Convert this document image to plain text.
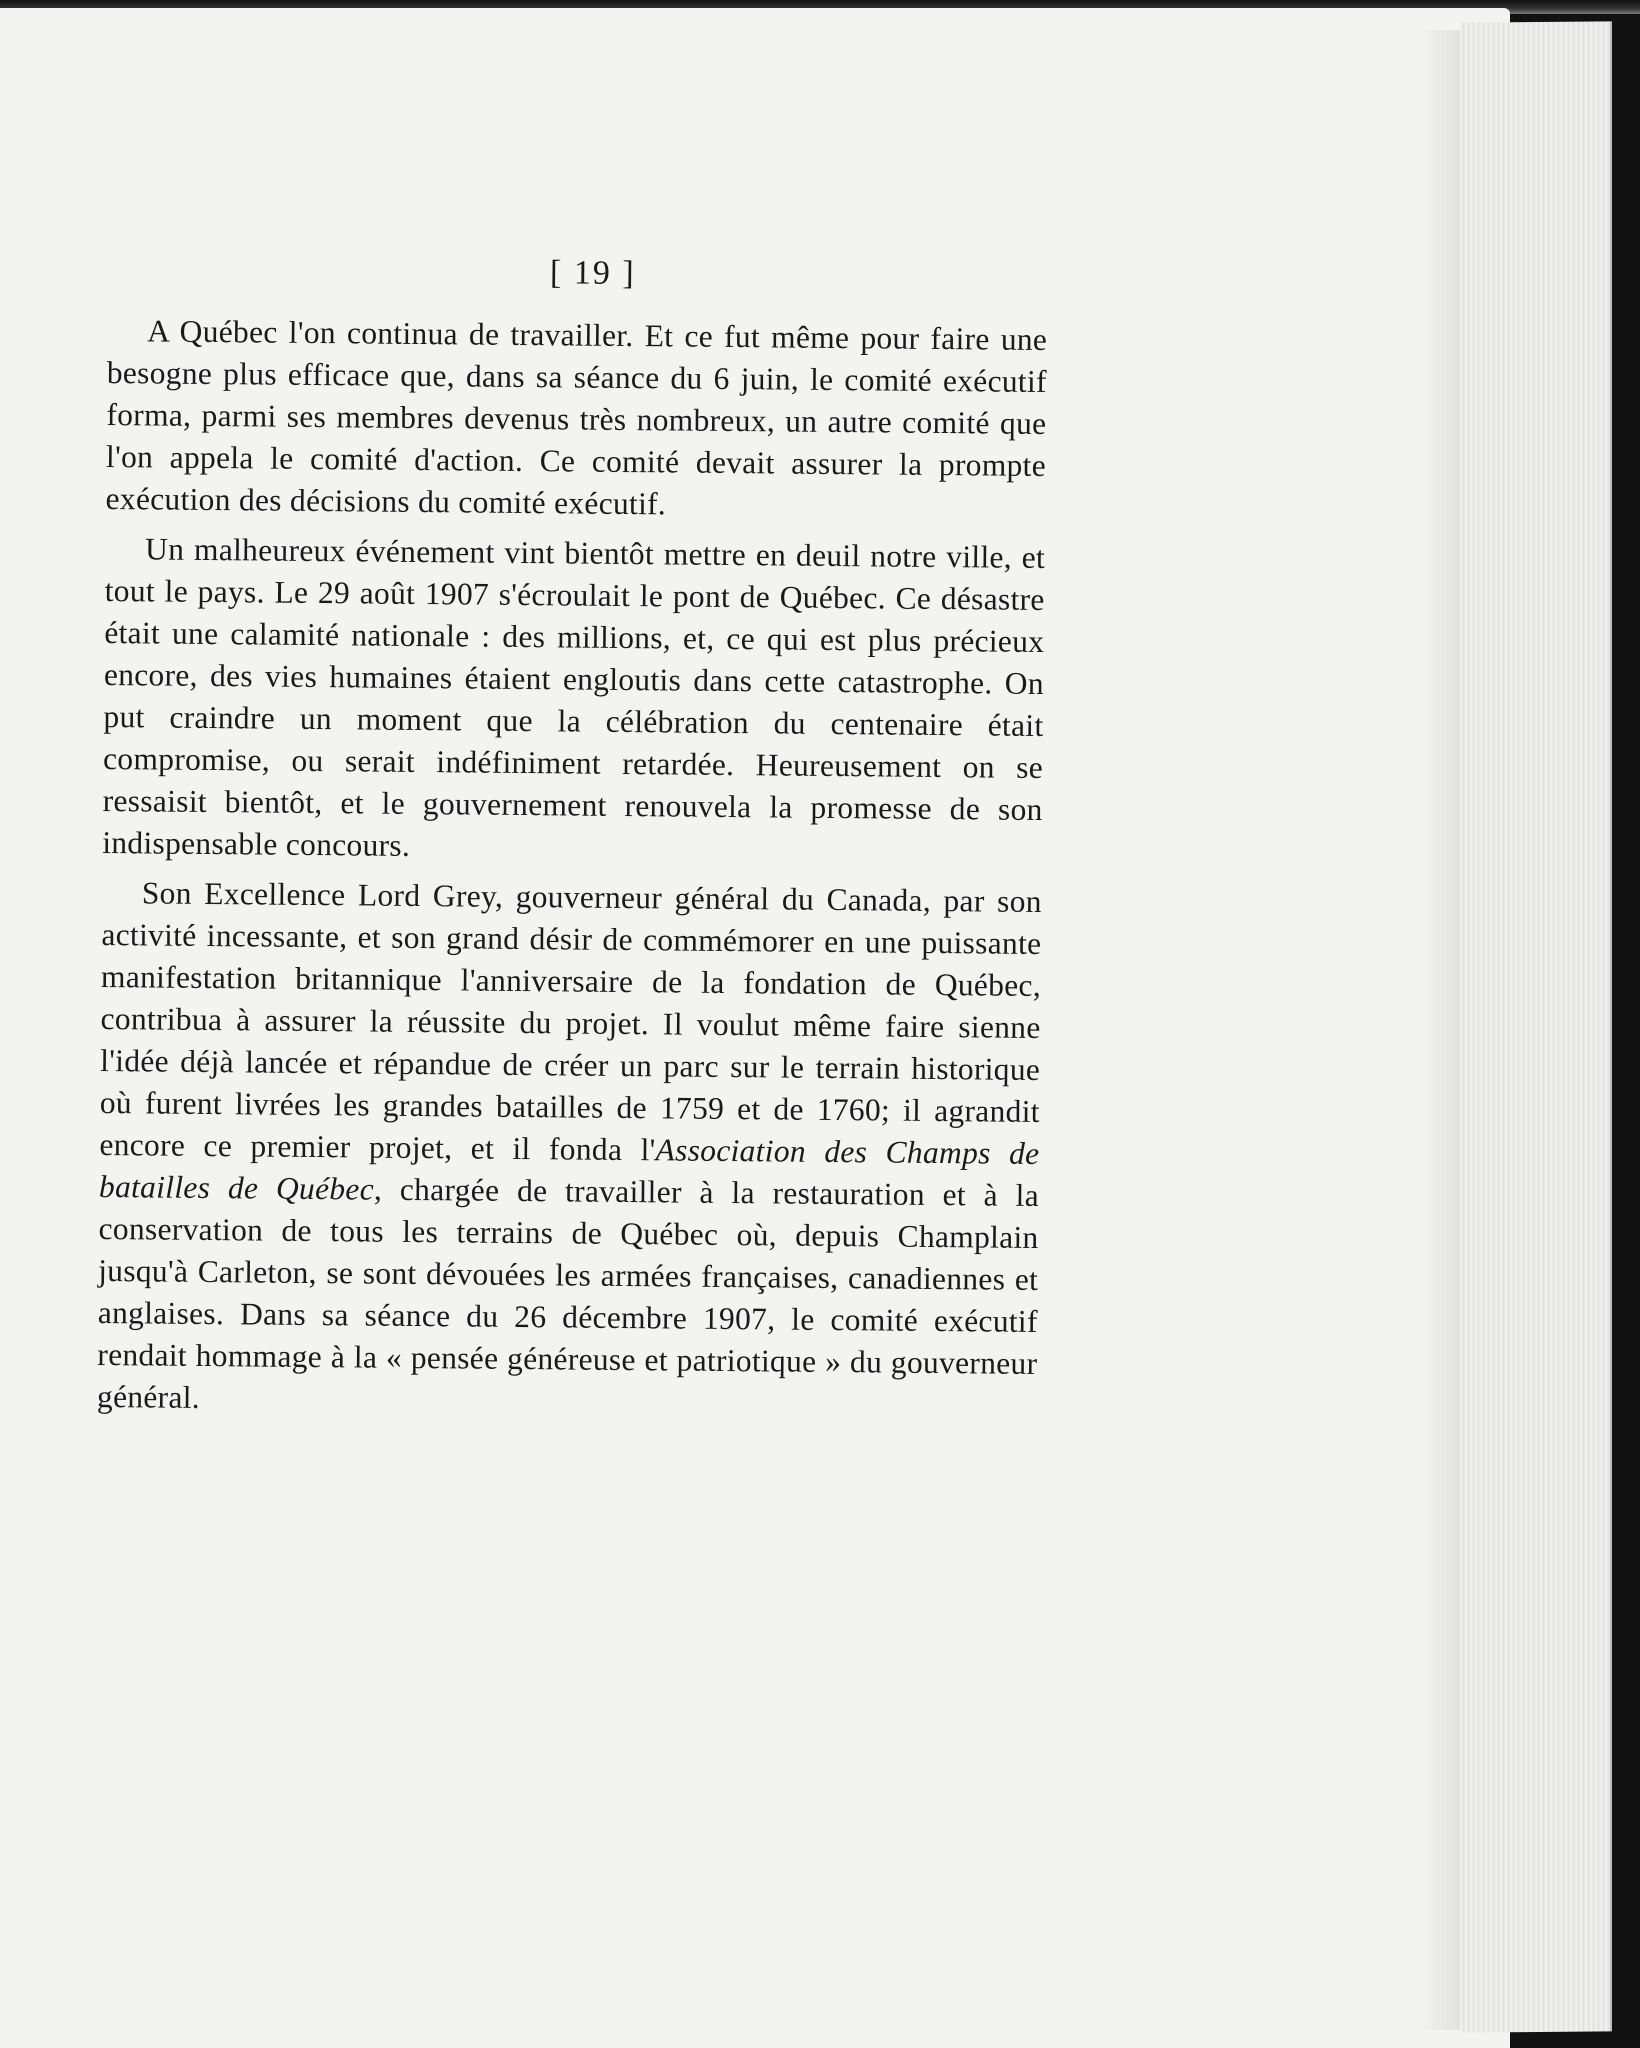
[ 19 ]

A Québec l'on continua de travailler. Et ce fut même pour faire une besogne plus efficace que, dans sa séance du 6 juin, le comité exécutif forma, parmi ses membres devenus très nombreux, un autre comité que l'on appela le comité d'action. Ce comité devait assurer la prompte exécution des décisions du comité exécutif.

Un malheureux événement vint bientôt mettre en deuil notre ville, et tout le pays. Le 29 août 1907 s'écroulait le pont de Québec. Ce désastre était une calamité nationale : des millions, et, ce qui est plus précieux encore, des vies humaines étaient engloutis dans cette catastrophe. On put craindre un moment que la célébration du centenaire était compromise, ou serait indéfiniment retardée. Heureusement on se ressaisit bientôt, et le gouvernement renouvela la promesse de son indispensable concours.

Son Excellence Lord Grey, gouverneur général du Canada, par son activité incessante, et son grand désir de commémorer en une puissante manifestation britannique l'anniversaire de la fondation de Québec, contribua à assurer la réussite du projet. Il voulut même faire sienne l'idée déjà lancée et répandue de créer un parc sur le terrain historique où furent livrées les grandes batailles de 1759 et de 1760; il agrandit encore ce premier projet, et il fonda l'Association des Champs de batailles de Québec, chargée de travailler à la restauration et à la conservation de tous les terrains de Québec où, depuis Champlain jusqu'à Carleton, se sont dévouées les armées françaises, canadiennes et anglaises. Dans sa séance du 26 décembre 1907, le comité exécutif rendait hommage à la « pensée généreuse et patriotique » du gouverneur général.
